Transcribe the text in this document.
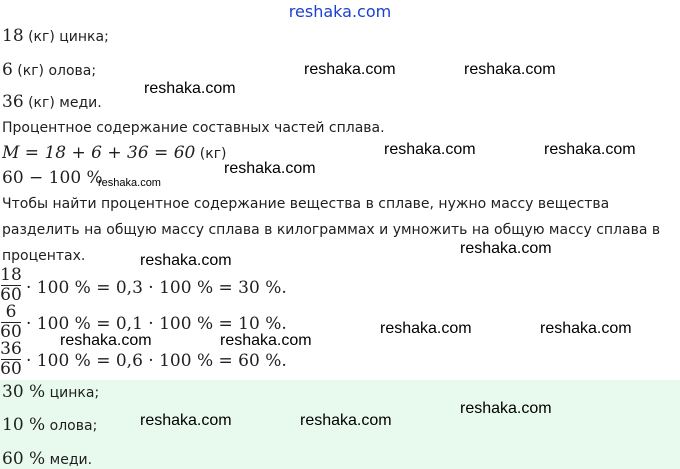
reshaka.com
18 (кг) цинка;
6 (кг) олова;
36 (кг) меди.
Процентное содержание составных частей сплава.
M = 18 + 6 + 36 = 60 (кг)
60 − 100 %
Чтобы найти процентное содержание вещества в сплаве, нужно массу вещества разделить на общую массу сплава в килограммах и умножить на общую массу сплава в процентах.
18
60 · 100 % = 0,3 · 100 % = 30 %.
6
60 · 100 % = 0,1 · 100 % = 10 %.
36
60 · 100 % = 0,6 · 100 % = 60 %.
30 % цинка;
10 % олова;
60 % меди.
reshaka.com	reshaka.com
reshaka.com
reshaka.com	reshaka.com
reshaka.com
reshaka.com
reshaka.com
reshaka.com
reshaka.com	reshaka.com
reshaka.com	reshaka.com
reshaka.com
reshaka.com	reshaka.com
